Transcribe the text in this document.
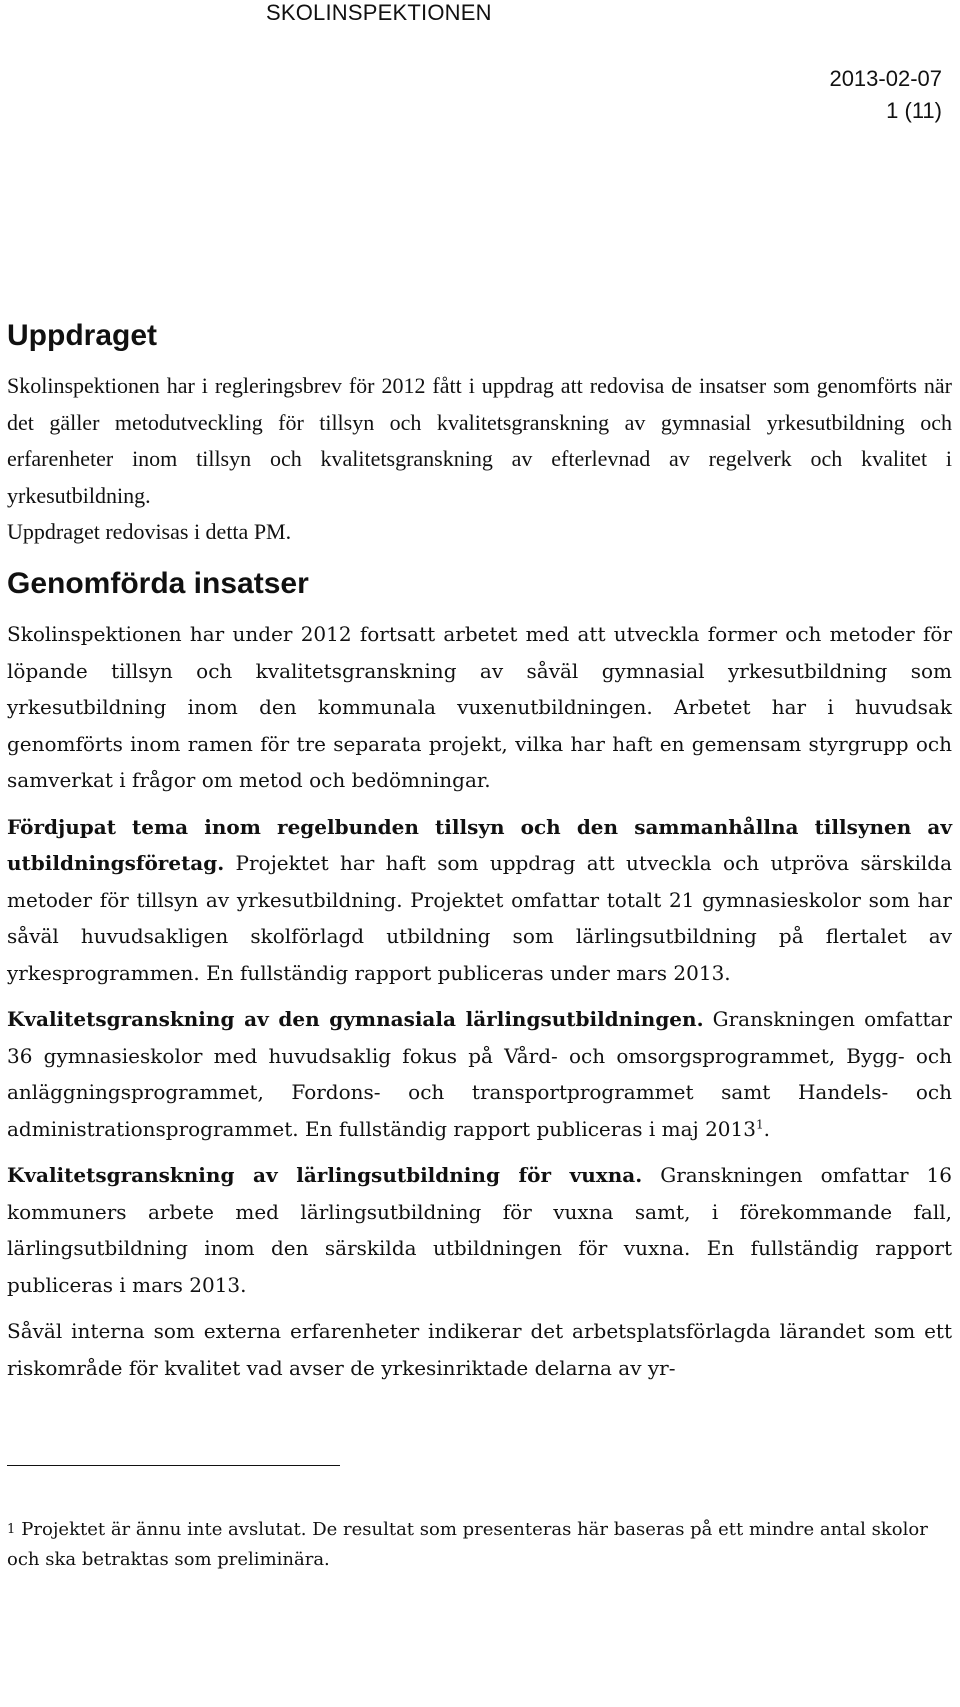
SKOLINSPEKTIONEN
2013-02-07
1 (11)
Uppdraget

Skolinspektionen har i regleringsbrev för 2012 fått i uppdrag att redovisa de insatser som genomförts när det gäller metodutveckling för tillsyn och kvalitetsgranskning av gymnasial yrkesutbildning och erfarenheter inom tillsyn och kvalitetsgranskning av efterlevnad av regelverk och kvalitet i yrkesutbildning.

Uppdraget redovisas i detta PM.

Genomförda insatser

Skolinspektionen har under 2012 fortsatt arbetet med att utveckla former och metoder för löpande tillsyn och kvalitetsgranskning av såväl gymnasial yrkesutbildning som yrkesutbildning inom den kommunala vuxenutbildningen. Arbetet har i huvudsak genomförts inom ramen för tre separata projekt, vilka har haft en gemensam styrgrupp och samverkat i frågor om metod och bedömningar.

Fördjupat tema inom regelbunden tillsyn och den sammanhållna tillsynen av utbildningsföretag. Projektet har haft som uppdrag att utveckla och utpröva särskilda metoder för tillsyn av yrkesutbildning. Projektet omfattar totalt 21 gymnasieskolor som har såväl huvudsakligen skolförlagd utbildning som lärlingsutbildning på flertalet av yrkesprogrammen. En fullständig rapport publiceras under mars 2013.

Kvalitetsgranskning av den gymnasiala lärlingsutbildningen. Granskningen omfattar 36 gymnasieskolor med huvudsaklig fokus på Vård- och omsorgsprogrammet, Bygg- och anläggningsprogrammet, Fordons- och transportprogrammet samt Handels- och administrationsprogrammet. En fullständig rapport publiceras i maj 2013$^1$.

Kvalitetsgranskning av lärlingsutbildning för vuxna. Granskningen omfattar 16 kommuners arbete med lärlingsutbildning för vuxna samt, i förekommande fall, lärlingsutbildning inom den särskilda utbildningen för vuxna. En fullständig rapport publiceras i mars 2013.

Såväl interna som externa erfarenheter indikerar det arbetsplatsförlagda lärandet som ett riskområde för kvalitet vad avser de yrkesinriktade delarna av yr-

$^1$ Projektet är ännu inte avslutat. De resultat som presenteras här baseras på ett mindre antal skolor och ska betraktas som preliminära.
